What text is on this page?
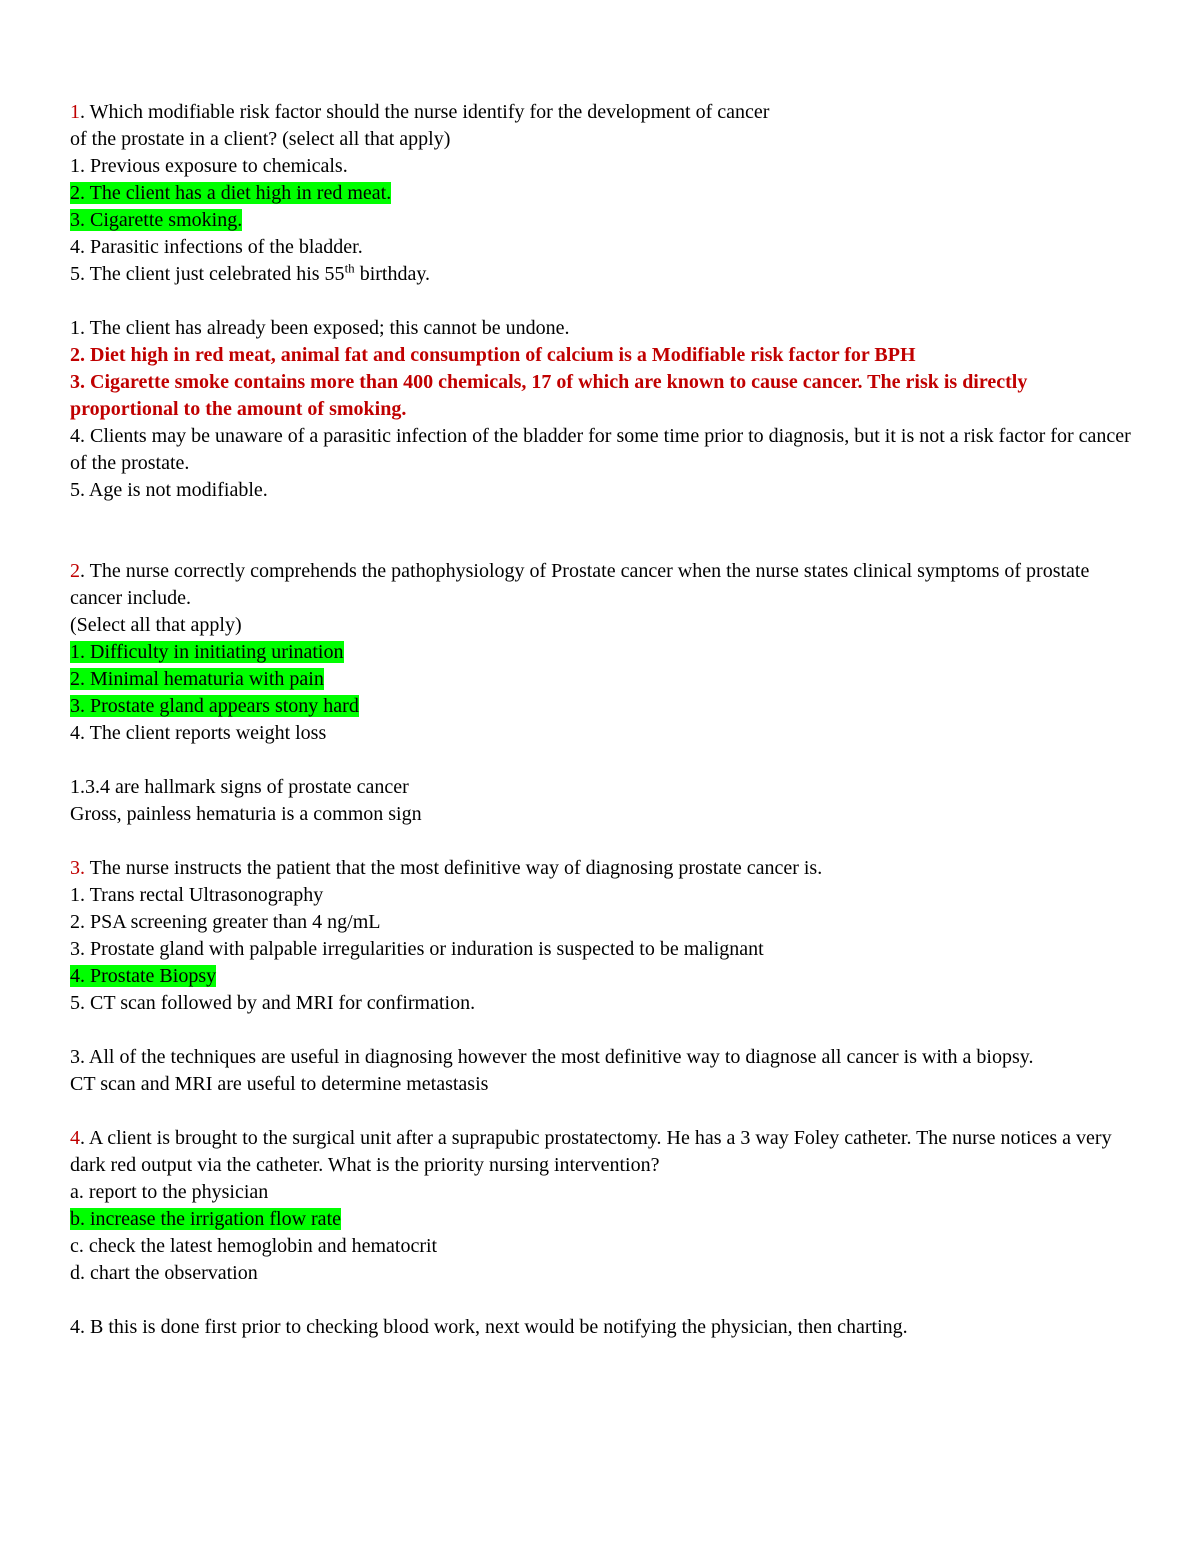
1. Which modifiable risk factor should the nurse identify for the development of cancer
of the prostate in a client? (select all that apply)
1. Previous exposure to chemicals.
2. The client has a diet high in red meat.
3. Cigarette smoking.
4. Parasitic infections of the bladder.
5. The client just celebrated his 55th birthday.
1. The client has already been exposed; this cannot be undone.
2. Diet high in red meat, animal fat and consumption of calcium is a Modifiable risk factor for BPH
3. Cigarette smoke contains more than 400 chemicals, 17 of which are known to cause cancer. The risk is directly proportional to the amount of smoking.
4. Clients may be unaware of a parasitic infection of the bladder for some time prior to diagnosis, but it is not a risk factor for cancer of the prostate.
5. Age is not modifiable.
2. The nurse correctly comprehends the pathophysiology of Prostate cancer when the nurse states clinical symptoms of prostate cancer include.
(Select all that apply)
1. Difficulty in initiating urination
2. Minimal hematuria with pain
3. Prostate gland appears stony hard
4. The client reports weight loss
1.3.4 are hallmark signs of prostate cancer
Gross, painless hematuria is a common sign
3. The nurse instructs the patient that the most definitive way of diagnosing prostate cancer is.
1. Trans rectal Ultrasonography
2. PSA screening greater than 4 ng/mL
3. Prostate gland with palpable irregularities or induration is suspected to be malignant
4. Prostate Biopsy
5. CT scan followed by and MRI for confirmation.
3. All of the techniques are useful in diagnosing however the most definitive way to diagnose all cancer is with a biopsy.
CT scan and MRI are useful to determine metastasis
4. A client is brought to the surgical unit after a suprapubic prostatectomy. He has a 3 way Foley catheter. The nurse notices a very dark red output via the catheter. What is the priority nursing intervention?
a. report to the physician
b. increase the irrigation flow rate
c. check the latest hemoglobin and hematocrit
d. chart the observation
4. B this is done first prior to checking blood work, next would be notifying the physician, then charting.
